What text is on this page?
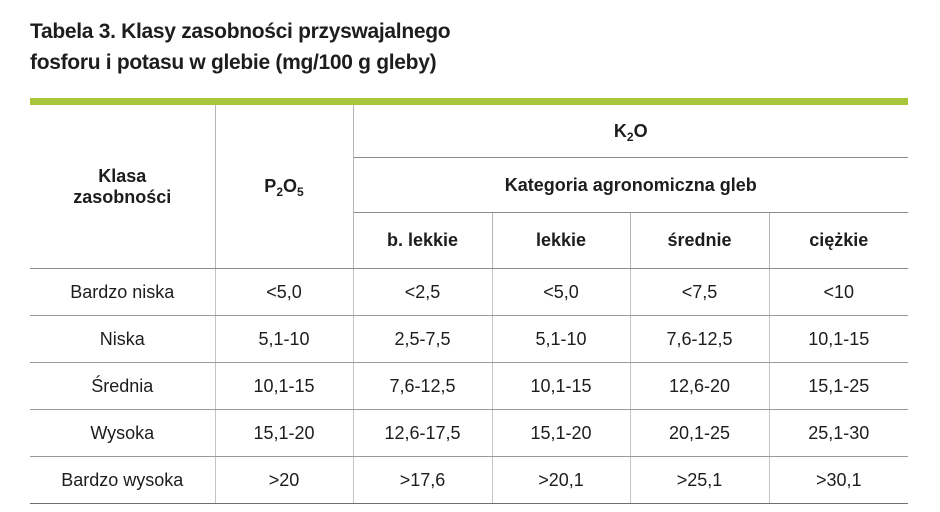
Tabela 3. Klasy zasobności przyswajalnego
fosforu i potasu w glebie (mg/100 g gleby)
Klasa
zasobności	$P_2O_5$	$K_2O$			
		Kategoria agronomiczna gleb			
		b. lekkie	lekkie	średnie	ciężkie
Bardzo niska	<5,0	<2,5	<5,0	<7,5	<10
Niska	5,1-10	2,5-7,5	5,1-10	7,6-12,5	10,1-15
Średnia	10,1-15	7,6-12,5	10,1-15	12,6-20	15,1-25
Wysoka	15,1-20	12,6-17,5	15,1-20	20,1-25	25,1-30
Bardzo wysoka	>20	>17,6	>20,1	>25,1	>30,1
